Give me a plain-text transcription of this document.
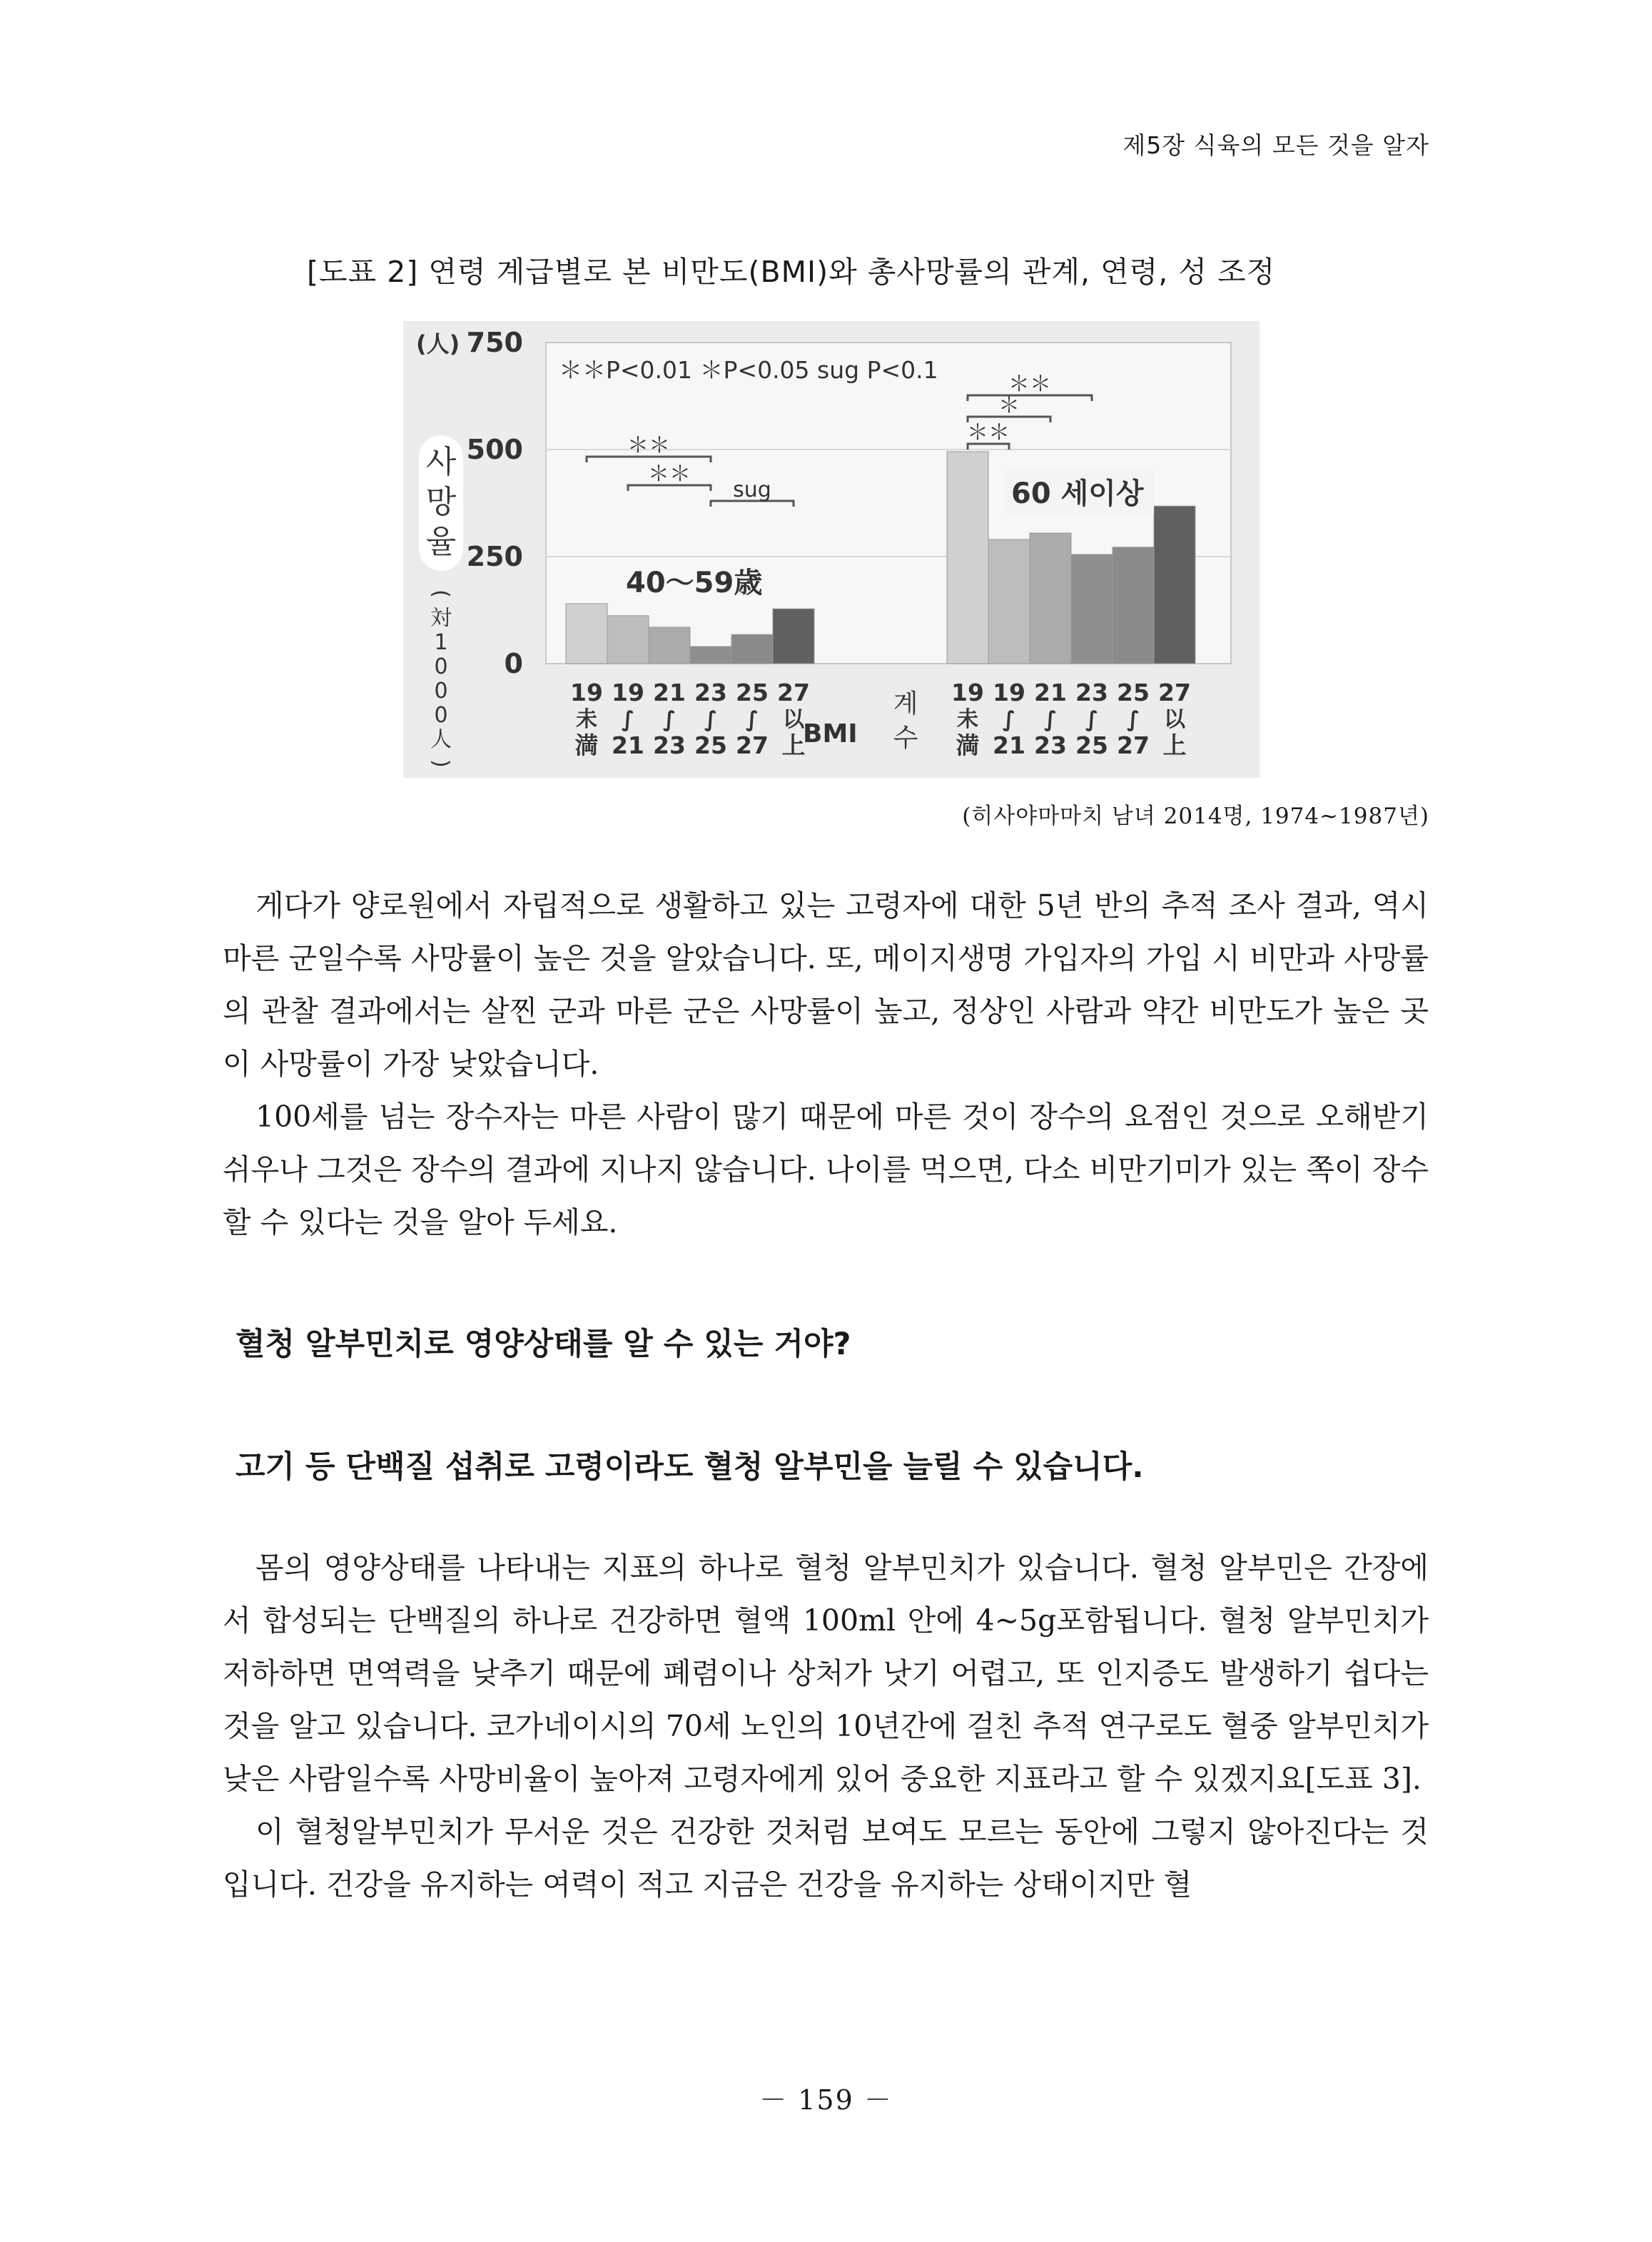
제5장 식육의 모든 것을 알자
[도표 2] 연령 계급별로 본 비만도(BMI)와 총사망률의 관계, 연령, 성 조정
0
250
500
750
(人)
사
망
율
(
対
1
0
0
0
人
)
＊＊P<0.01 ＊P<0.05 sug P<0.1
19
未
満
19
∫
21
21
∫
23
23
∫
25
25
∫
27
27
以
上
＊＊
＊＊
sug
40～59歳
19
未
満
19
∫
21
21
∫
23
23
∫
25
25
∫
27
27
以
上
＊＊
＊
＊＊
60 세이상
BMI
계
수
(히사야마마치 남녀 2014명, 1974~1987년)

게다가 양로원에서 자립적으로 생활하고 있는 고령자에 대한 5년 반의 추적 조사 결과, 역시 마른 군일수록 사망률이 높은 것을 알았습니다. 또, 메이지생명 가입자의 가입 시 비만과 사망률의 관찰 결과에서는 살찐 군과 마른 군은 사망률이 높고, 정상인 사람과 약간 비만도가 높은 곳이 사망률이 가장 낮았습니다.

100세를 넘는 장수자는 마른 사람이 많기 때문에 마른 것이 장수의 요점인 것으로 오해받기 쉬우나 그것은 장수의 결과에 지나지 않습니다. 나이를 먹으면, 다소 비만기미가 있는 쪽이 장수할 수 있다는 것을 알아 두세요.

혈청 알부민치로 영양상태를 알 수 있는 거야?
고기 등 단백질 섭취로 고령이라도 혈청 알부민을 늘릴 수 있습니다.

몸의 영양상태를 나타내는 지표의 하나로 혈청 알부민치가 있습니다. 혈청 알부민은 간장에서 합성되는 단백질의 하나로 건강하면 혈액 100ml 안에 4~5g포함됩니다. 혈청 알부민치가 저하하면 면역력을 낮추기 때문에 폐렴이나 상처가 낫기 어렵고, 또 인지증도 발생하기 쉽다는 것을 알고 있습니다. 코가네이시의 70세 노인의 10년간에 걸친 추적 연구로도 혈중 알부민치가 낮은 사람일수록 사망비율이 높아져 고령자에게 있어 중요한 지표라고 할 수 있겠지요[도표 3].

이 혈청알부민치가 무서운 것은 건강한 것처럼 보여도 모르는 동안에 그렇지 않아진다는 것입니다. 건강을 유지하는 여력이 적고 지금은 건강을 유지하는 상태이지만 혈

－ 159 －
